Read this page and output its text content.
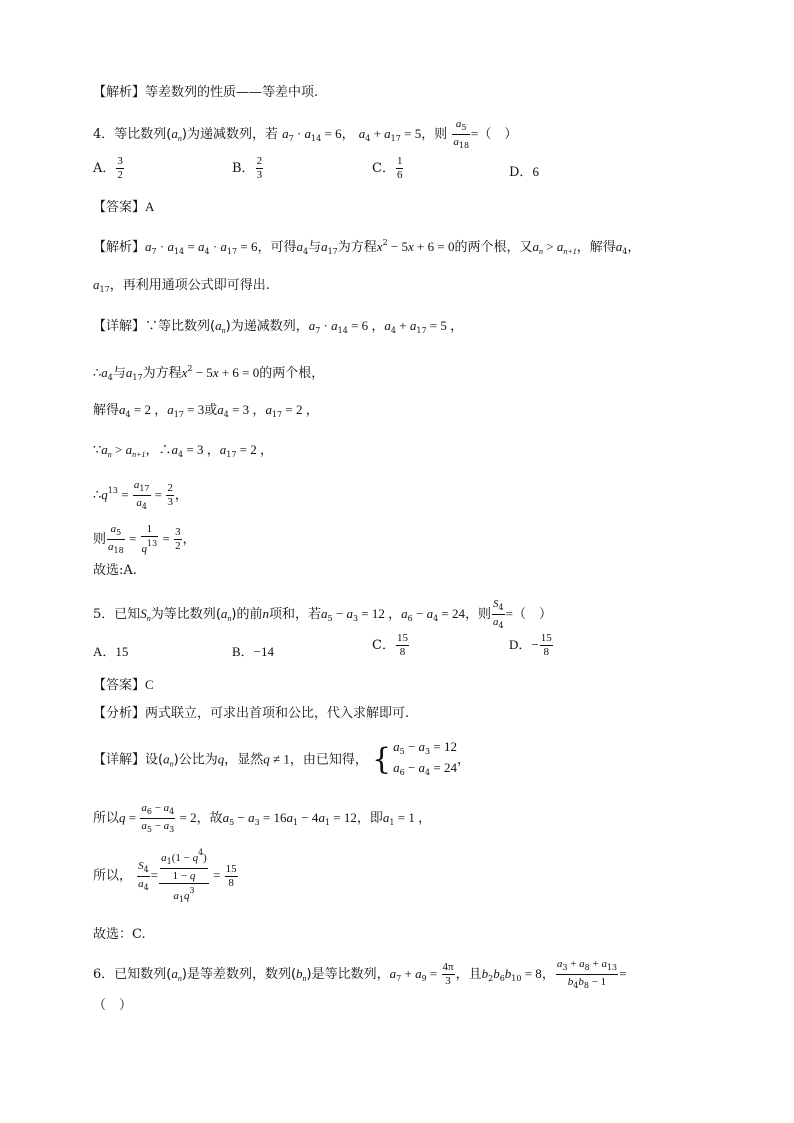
【解析】等差数列的性质——等差中项.
4．等比数列$(a_n)$为递减数列，若 $a_7 \cdot a_{14} = 6$， $a_4 + a_{17} = 5$，则 $\frac{a_5}{a_{18}}$ =（　）
A． $\frac{3}{2}$	B． $\frac{2}{3}$	C． $\frac{1}{6}$	D．6
【答案】A
【解析】$a_7 \cdot a_{14} = a_4 \cdot a_{17} = 6$，可得$a_4$与$a_{17}$为方程$x^2 - 5x + 6 = 0$的两个根，又$a_n > a_{n+1}$，解得$a_4$，
$a_{17}$，再利用通项公式即可得出.
【详解】∵等比数列$(a_n)$为递减数列，$a_7 \cdot a_{14} = 6$ ，$a_4 + a_{17} = 5$ ，
$\therefore a_4$与$a_{17}$为方程$x^2 - 5x + 6 = 0$的两个根，
解得$a_4 = 2$ ，$a_{17} = 3$或$a_4 = 3$ ，$a_{17} = 2$ ，
$\because a_n > a_{n+1}$，$\therefore a_4 = 3$ ，$a_{17} = 2$ ，
$\therefore q^{13} = \frac{a_{17}}{a_4} = \frac{2}{3}$ ，
则 $\frac{a_5}{a_{18}} = \frac{1}{q^{13}} = \frac{3}{2}$ ，
故选:A.
5．已知$S_n$为等比数列$(a_n)$的前n项和，若$a_5 - a_3 = 12$ ，$a_6 - a_4 = 24$，则 $\frac{S_4}{a_4}$ =（　）
A．15	B．−14	C． $\frac{15}{8}$	D．− $\frac{15}{8}$
【答案】C
【分析】两式联立，可求出首项和公比，代入求解即可.
【详解】设$(a_n)$公比为q，显然q ≠ 1，由已知得， { $a_5 - a_3 = 12$
$a_6 - a_4 = 24$
，
所以$q = \frac{a_6 - a_4}{a_5 - a_3} = 2$，故$a_5 - a_3 = 16a_1 - 4a_1 = 12$，即$a_1 = 1$ ，
所以， $\frac{S_4}{a_4} = \frac{\frac{a_1(1 - q^4)}{1 - q}}{a_1q^3} = \frac{15}{8}$
故选：C.
6．已知数列$(a_n)$是等差数列，数列$(b_n)$是等比数列，$a_7 + a_9 = \frac{4\pi}{3}$ ，且$b_2b_6b_{10} = 8$， $\frac{a_3 + a_8 + a_{13}}{b_4b_8 - 1}$ =
（　）
